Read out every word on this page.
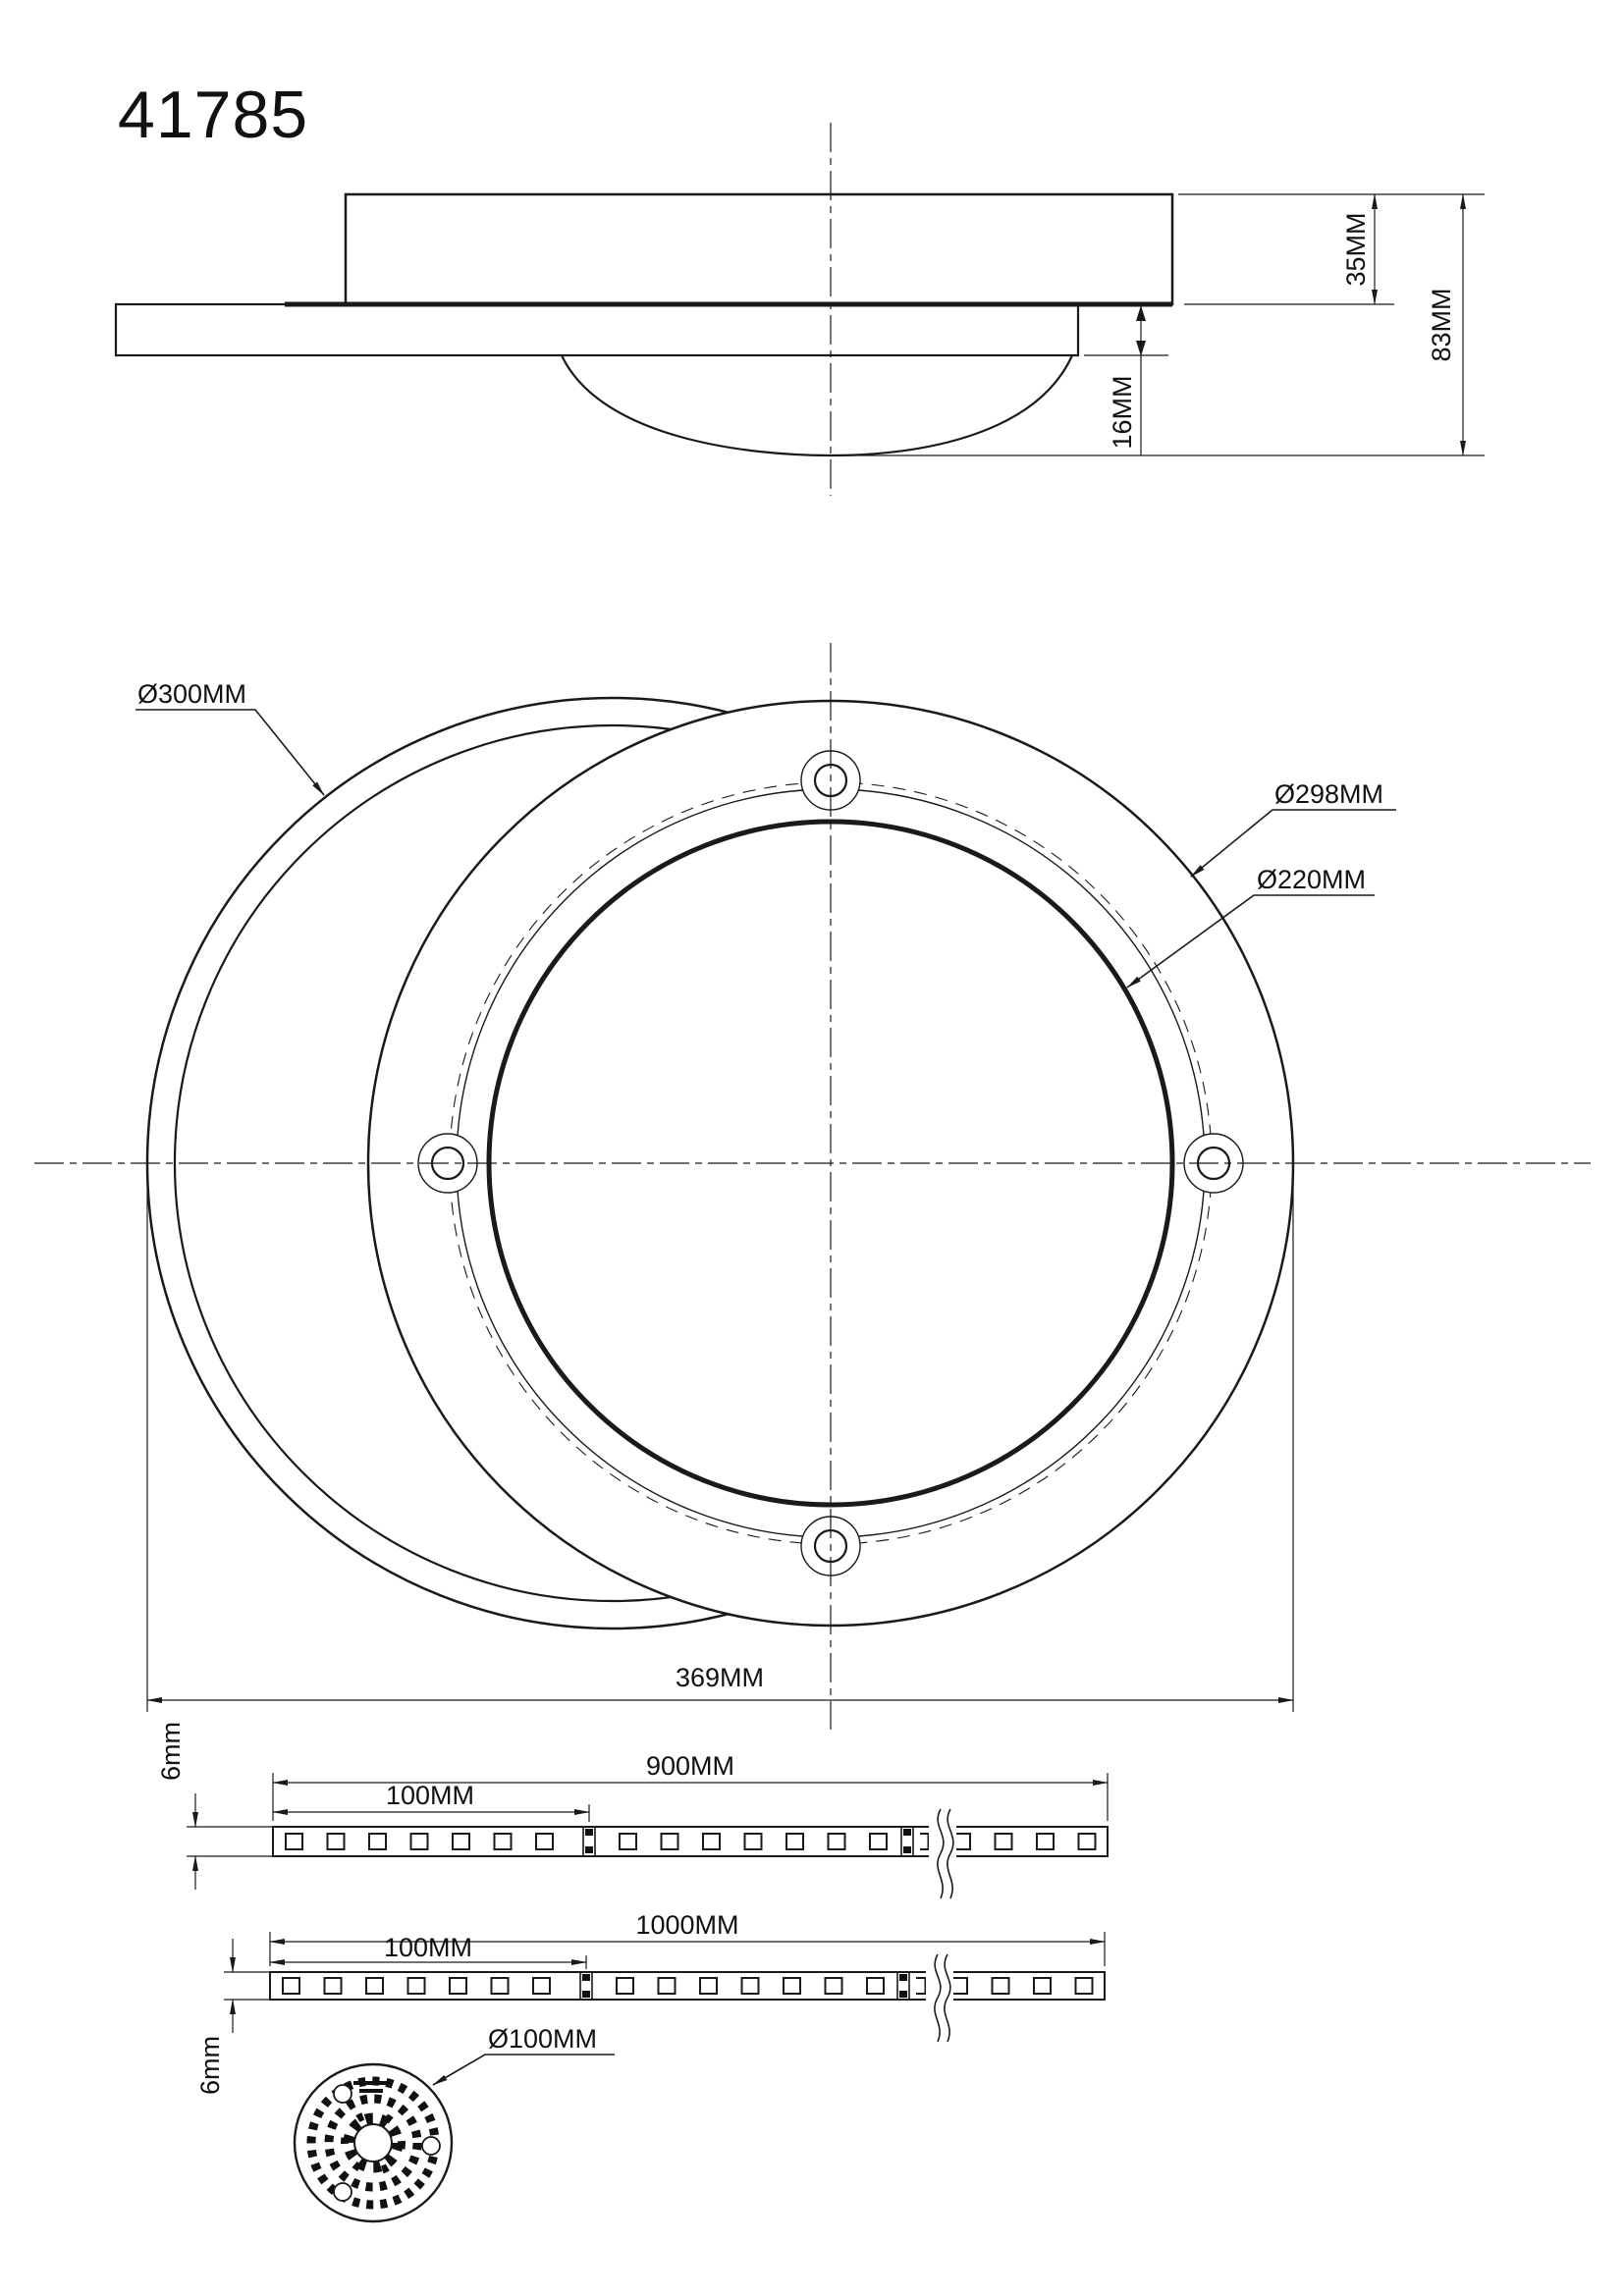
41785
35MM
83MM
16MM
Ø300MM
Ø298MM
Ø220MM
369MM
900MM
100MM
6mm
1000MM
100MM
6mm	Ø100MM
